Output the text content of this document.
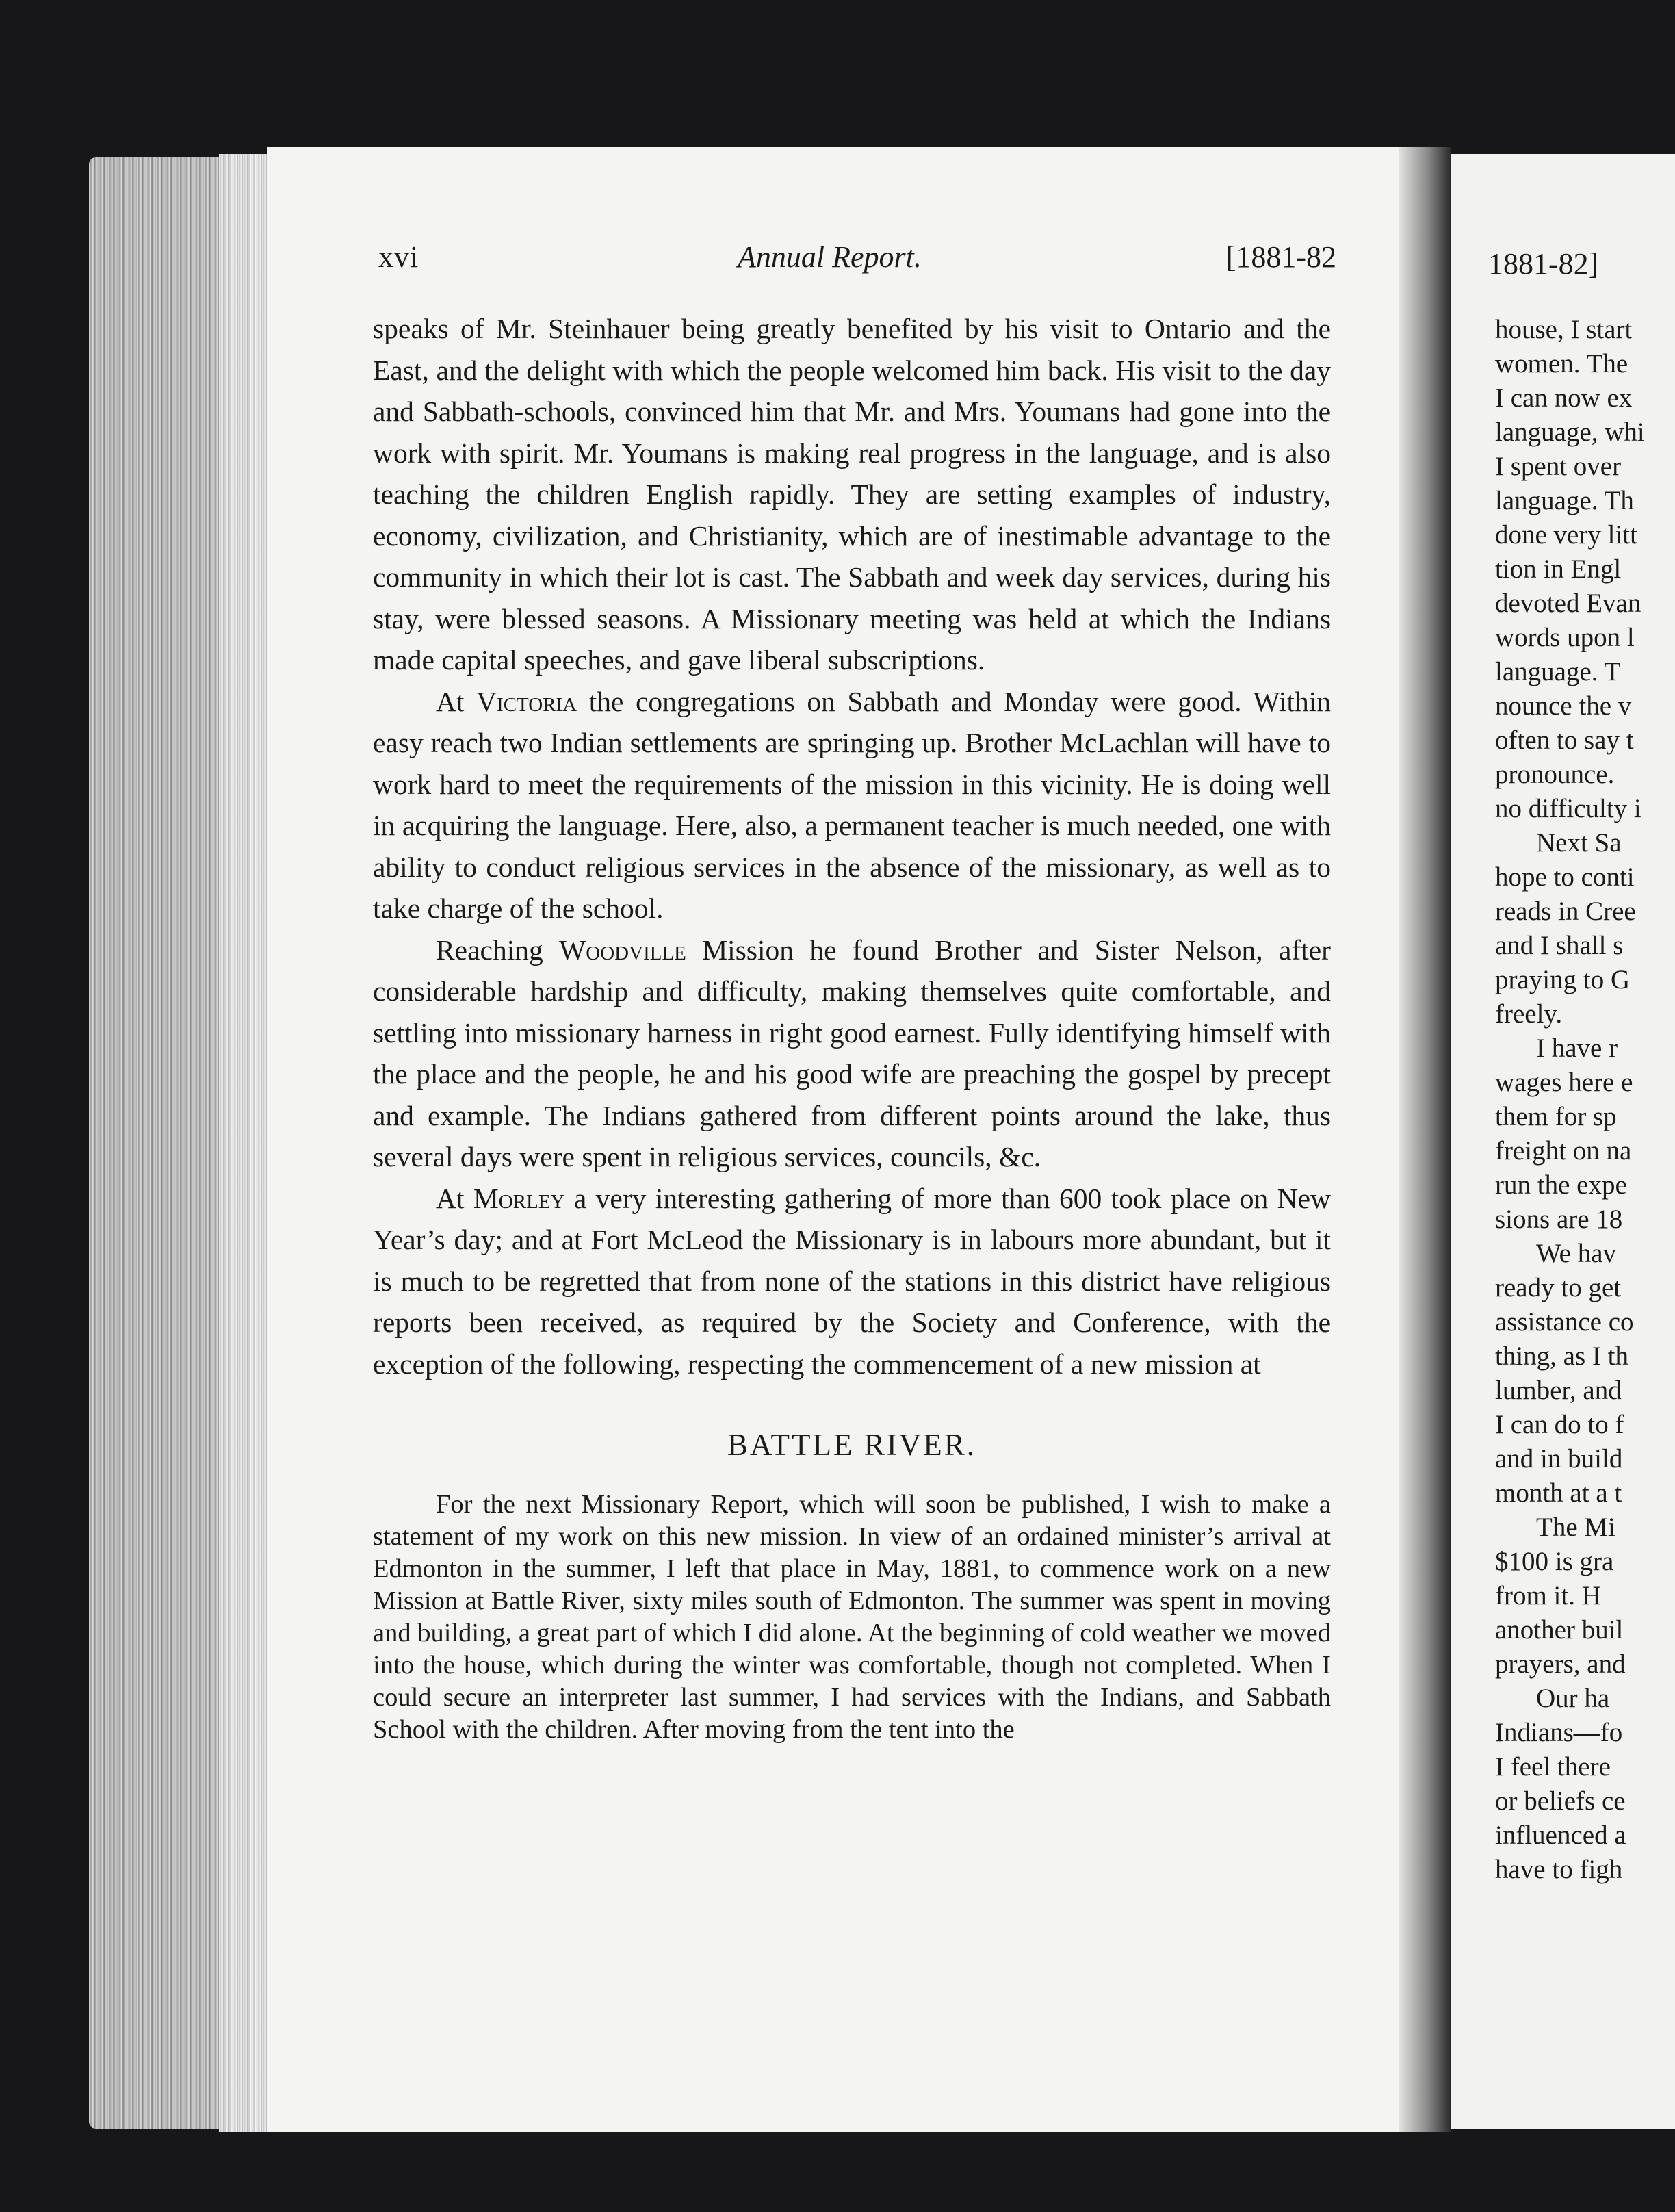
xvi	Annual Report.	[1881-82

speaks of Mr. Steinhauer being greatly benefited by his visit to Ontario and the East, and the delight with which the people welcomed him back. His visit to the day and Sabbath-schools, convinced him that Mr. and Mrs. Youmans had gone into the work with spirit. Mr. Youmans is making real progress in the language, and is also teaching the children English rapidly. They are setting examples of industry, economy, civilization, and Christianity, which are of inestimable advantage to the community in which their lot is cast. The Sabbath and week day services, during his stay, were blessed seasons. A Missionary meeting was held at which the Indians made capital speeches, and gave liberal subscriptions.

At Victoria the congregations on Sabbath and Monday were good. Within easy reach two Indian settlements are springing up. Brother McLachlan will have to work hard to meet the requirements of the mission in this vicinity. He is doing well in acquiring the language. Here, also, a permanent teacher is much needed, one with ability to conduct religious services in the absence of the missionary, as well as to take charge of the school.

Reaching Woodville Mission he found Brother and Sister Nelson, after considerable hardship and difficulty, making themselves quite comfortable, and settling into missionary harness in right good earnest. Fully identifying himself with the place and the people, he and his good wife are preaching the gospel by precept and example. The Indians gathered from different points around the lake, thus several days were spent in religious services, councils, &c.

At Morley a very interesting gathering of more than 600 took place on New Year’s day; and at Fort McLeod the Missionary is in labours more abundant, but it is much to be regretted that from none of the stations in this district have religious reports been received, as required by the Society and Conference, with the exception of the following, respecting the commencement of a new mission at

BATTLE RIVER.

For the next Missionary Report, which will soon be published, I wish to make a statement of my work on this new mission. In view of an ordained minister’s arrival at Edmonton in the summer, I left that place in May, 1881, to commence work on a new Mission at Battle River, sixty miles south of Edmonton. The summer was spent in moving and building, a great part of which I did alone. At the beginning of cold weather we moved into the house, which during the winter was comfortable, though not completed. When I could secure an interpreter last summer, I had services with the Indians, and Sabbath School with the children. After moving from the tent into the

1881-82]
house, I start
women. The
I can now ex
language, whi
I spent over
language. Th
done very litt
tion in Engl
devoted Evan
words upon l
language. T
nounce the v
often to say t
pronounce.
no difficulty i
Next Sa
hope to conti
reads in Cree
and I shall s
praying to G
freely.
I have r
wages here e
them for sp
freight on na
run the expe
sions are 18
We hav
ready to get
assistance co
thing, as I th
lumber, and
I can do to f
and in build
month at a t
The Mi
$100 is gra
from it. H
another buil
prayers, and
Our ha
Indians—fo
I feel there
or beliefs ce
influenced a
have to figh
